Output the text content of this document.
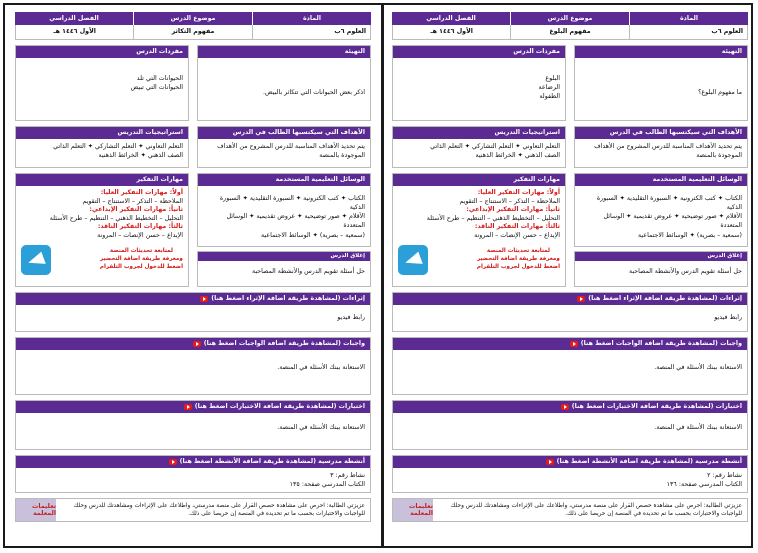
المادة
موضوع الدرس
الفصل الدراسي
العلوم ٦ب
مفهوم البلوغ
الأول ١٤٤٦ هـ
التهيئة
ما مفهوم البلوغ؟
مفردات الدرس
البلوغ
الرضاعة
الطفولة
الأهداف التي سيكتسبها الطالب في الدرس
يتم تحديد الأهداف المناسبة للدرس المشروح من الأهداف الموجودة بالمنصة
استراتيجيات التدريس
التعلم التعاوني ✦ التعلم التشاركي ✦ التعلم الذاتي
الصف الذهني ✦ الخرائط الذهنية
الوسائل التعليمية المستخدمة
الكتاب ✦ كتب الكترونية ✦ السبورة التقليدية ✦ السبورة الذكية
الأقلام ✦ صور توضيحية ✦ عروض تقديمية ✦ الوسائل المتعددة
(سمعية – بصرية) ✦ الوسائط الاجتماعية
إغلاق الدرس
حل أسئلة تقويم الدرس والأنشطة المصاحبة
مهارات التفكير
أولاً: مهارات التفكير العليا:
الملاحظة – التذكر – الاستنتاج – التقويم
ثانياً: مهارات التفكير الإبداعي:
التحليل – التخطيط الذهني – التنظيم – طرح الأسئلة
ثالثاً: مهارات التفكير الناقد:
الإبداع – حسن الإنصات – المرونة
لمتابعة تحديثات المنصة
ومعرفة طريقة اضافة التحضير
اضغط للدخول لجروب التلقرام
إثراءات (لمشاهدة طريقة اضافة الإثراء اضغط هنا)
رابط فيديو
واجبات (لمشاهدة طريقة اضافة الواجبات اضغط هنا)
الاستعانة ببنك الأسئلة في المنصة.
اختبارات (لمشاهدة طريقة اضافة الاختبارات اضغط هنا)
الاستعانة ببنك الأسئلة في المنصة.
أنشطة مدرسية (لمشاهدة طريقة اضافة الأنشطة اضغط هنا)
نشاط رقم: ٢
الكتاب المدرسي صفحة: ١٣٦
عزيزتي الطالبة: احرص على مشاهدة حصص القرار على منصة مدرستي، واطلاعك على الإثراءات ومشاهدتك للدرس وحلك للواجبات والاختبارات بحسب ما تم تحديده في المنصة إن حريصا على ذلك.
تعليمات المعلمة
المادة
موضوع الدرس
الفصل الدراسي
العلوم ٦ب
مفهوم التكاثر
الأول ١٤٤٦ هـ
التهيئة
اذكر بعض الحيوانات التي تتكاثر بالبيض.
مفردات الدرس
الحيوانات التي تلد
الحيوانات التي تبيض
الأهداف التي سيكتسبها الطالب في الدرس
يتم تحديد الأهداف المناسبة للدرس المشروح من الأهداف الموجودة بالمنصة
استراتيجيات التدريس
التعلم التعاوني ✦ التعلم التشاركي ✦ التعلم الذاتي
الصف الذهني ✦ الخرائط الذهنية
الوسائل التعليمية المستخدمة
الكتاب ✦ كتب الكترونية ✦ السبورة التقليدية ✦ السبورة الذكية
الأقلام ✦ صور توضيحية ✦ عروض تقديمية ✦ الوسائل المتعددة
(سمعية – بصرية) ✦ الوسائط الاجتماعية
إغلاق الدرس
حل أسئلة تقويم الدرس والأنشطة المصاحبة
مهارات التفكير
أولاً: مهارات التفكير العليا:
الملاحظة – التذكر – الاستنتاج – التقويم
ثانياً: مهارات التفكير الإبداعي:
التحليل – التخطيط الذهني – التنظيم – طرح الأسئلة
ثالثاً: مهارات التفكير الناقد:
الإبداع – حسن الإنصات – المرونة
لمتابعة تحديثات المنصة
ومعرفة طريقة اضافة التحضير
اضغط للدخول لجروب التلقرام
إثراءات (لمشاهدة طريقة اضافة الإثراء اضغط هنا)
رابط فيديو
واجبات (لمشاهدة طريقة اضافة الواجبات اضغط هنا)
الاستعانة ببنك الأسئلة في المنصة.
اختبارات (لمشاهدة طريقة اضافة الاختبارات اضغط هنا)
الاستعانة ببنك الأسئلة في المنصة.
أنشطة مدرسية (لمشاهدة طريقة اضافة الأنشطة اضغط هنا)
نشاط رقم: ٣
الكتاب المدرسي صفحة: ١٣٥
عزيزتي الطالبة: احرص على مشاهدة حصص القرار على منصة مدرستي، واطلاعك على الإثراءات ومشاهدتك للدرس وحلك للواجبات والاختبارات بحسب ما تم تحديده في المنصة إن حريصا على ذلك.
تعليمات المعلمة
